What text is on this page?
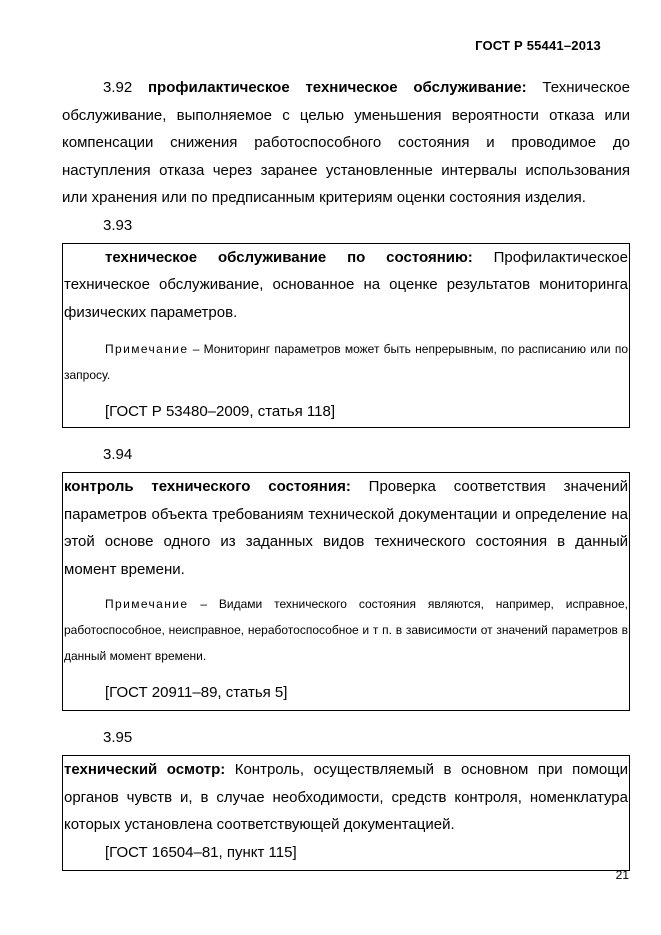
ГОСТ Р 55441–2013

3.92 профилактическое техническое обслуживание: Техническое обслуживание, выполняемое с целью уменьшения вероятности отказа или компенсации снижения работоспособного состояния и проводимое до наступления отказа через заранее установленные интервалы использования или хранения или по предписанным критериям оценки состояния изделия.

3.93

техническое обслуживание по состоянию: Профилактическое техническое обслуживание, основанное на оценке результатов мониторинга физических параметров.

Примечание – Мониторинг параметров может быть непрерывным, по расписанию или по запросу.

[ГОСТ Р 53480–2009, статья 118]

3.94

контроль технического состояния: Проверка соответствия значений параметров объекта требованиям технической документации и определение на этой основе одного из заданных видов технического состояния в данный момент времени.

Примечание – Видами технического состояния являются, например, исправное, работоспособное, неисправное, неработоспособное и т п. в зависимости от значений параметров в данный момент времени.

[ГОСТ 20911–89, статья 5]

3.95

технический осмотр: Контроль, осуществляемый в основном при помощи органов чувств и, в случае необходимости, средств контроля, номенклатура которых установлена соответствующей документацией.

[ГОСТ 16504–81, пункт 115]

21
